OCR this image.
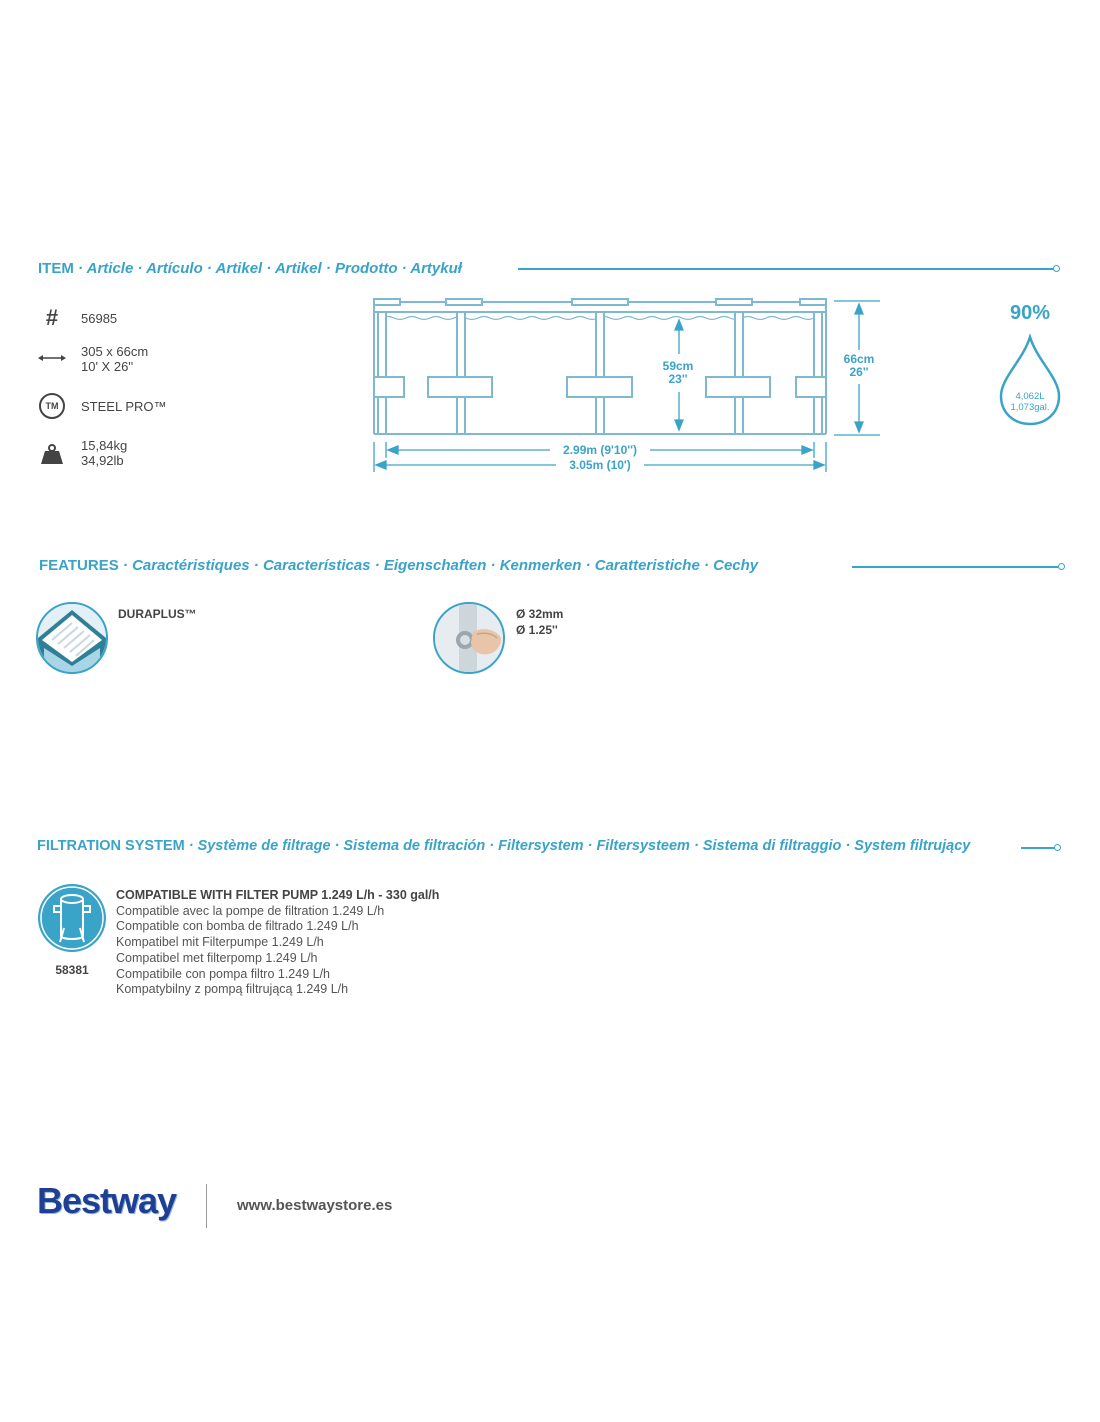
ITEM · Article · Artículo · Artikel · Artikel · Prodotto · Artykuł
# 56985
305 x 66cm
10' X 26''
TM	STEEL PRO™
15,84kg
34,92lb
59cm
23''
66cm
26''
2.99m (9'10'')
3.05m (10')
90%
4,062L
1,073gal.
FEATURES · Caractéristiques · Características · Eigenschaften · Kenmerken · Caratteristiche · Cechy
DURAPLUS™	Ø 32mm
Ø 1.25''
FILTRATION SYSTEM · Système de filtrage · Sistema de filtración · Filtersystem · Filtersysteem · Sistema di filtraggio · System filtrujący
58381
COMPATIBLE WITH FILTER PUMP 1.249 L/h - 330 gal/h
Compatible avec la pompe de filtration 1.249 L/h
Compatible con bomba de filtrado 1.249 L/h
Kompatibel mit Filterpumpe 1.249 L/h
Compatibel met filterpomp 1.249 L/h
Compatibile con pompa filtro 1.249 L/h
Kompatybilny z pompą filtrującą 1.249 L/h
Bestway	www.bestwaystore.es
